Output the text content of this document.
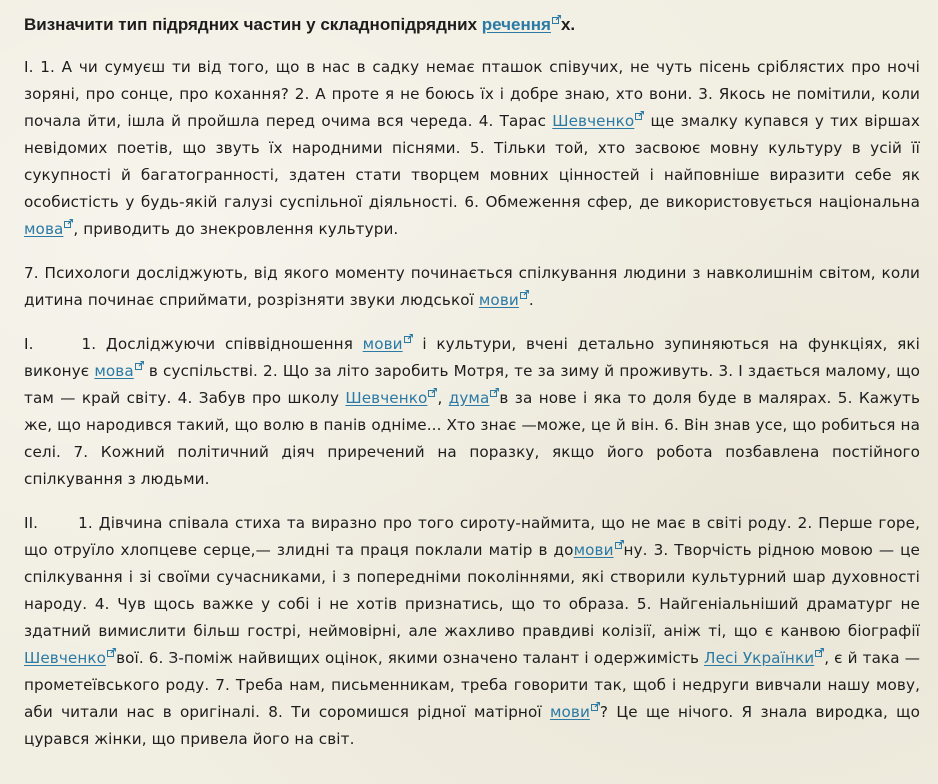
Визначити тип підрядних частин у складнопідрядних речення х.

І. 1. А чи сумуєш ти від того, що в нас в садку немає пташок співучих, не чуть пісень сріблястих про ночі зоряні, про сонце, про кохання? 2. А проте я не боюсь їх і добре знаю, хто вони. 3. Якось не помітили, коли почала йти, ішла й пройшла перед очима вся череда. 4. Тарас Шевченко
ще змалку купався у тих віршах невідомих поетів, що звуть їх народними піснями. 5. Тільки той, хто засвоює мовну культуру в усій її сукупності й багатогранності, здатен стати творцем мовних цінностей і найповніше виразити себе як особистість у будь-якій галузі суспільної діяльності. 6. Обмеження сфер, де використовується національна мова , приводить до знекровлення культури.

7. Психологи досліджують, від якого моменту починається спілкування людини з навколишнім світом, коли дитина починає сприймати, розрізняти звуки людської мови .

І.	1. Досліджуючи співвідношення мови
і культури, вчені детально зупиняються на функціях, які виконує мова
в суспільстві. 2. Що за літо заробить Мотря, те за зиму й проживуть. 3. І здається малому, що там — край світу. 4. Забув про школу Шевченко , дума в за нове і яка то доля буде в малярах. 5. Кажуть же, що народився такий, що волю в панів одніме... Хто знає —може, це й він. 6. Він знав усе, що робиться на селі. 7. Кожний політичний діяч приречений на поразку, якщо його робота позбавлена постійного спілкування з людьми.

ІІ.	1. Дівчина співала стиха та виразно про того сироту-наймита, що не має в світі роду. 2. Перше горе, що отруїло хлопцеве серце,— злидні та праця поклали матір в домови ну. 3. Творчість рідною мовою — це спілкування і зі своїми сучасниками, і з попередніми поколіннями, які створили культурний шар духовності народу. 4. Чув щось важке у собі і не хотів признатись, що то образа. 5. Найгеніальніший драматург не здатний вимислити більш гострі, неймовірні, але жахливо правдиві колізії, аніж ті, що є канвою біографії Шевченко вої. 6. З-поміж найвищих оцінок, якими означено талант і одержимість Лесі Українки , є й така — прометеївського роду. 7. Треба нам, письменникам, треба говорити так, щоб і недруги вивчали нашу мову, аби читали нас в оригіналі. 8. Ти соромишся рідної матірної мови ? Це ще нічого. Я знала виродка, що цурався жінки, що привела його на світ.
